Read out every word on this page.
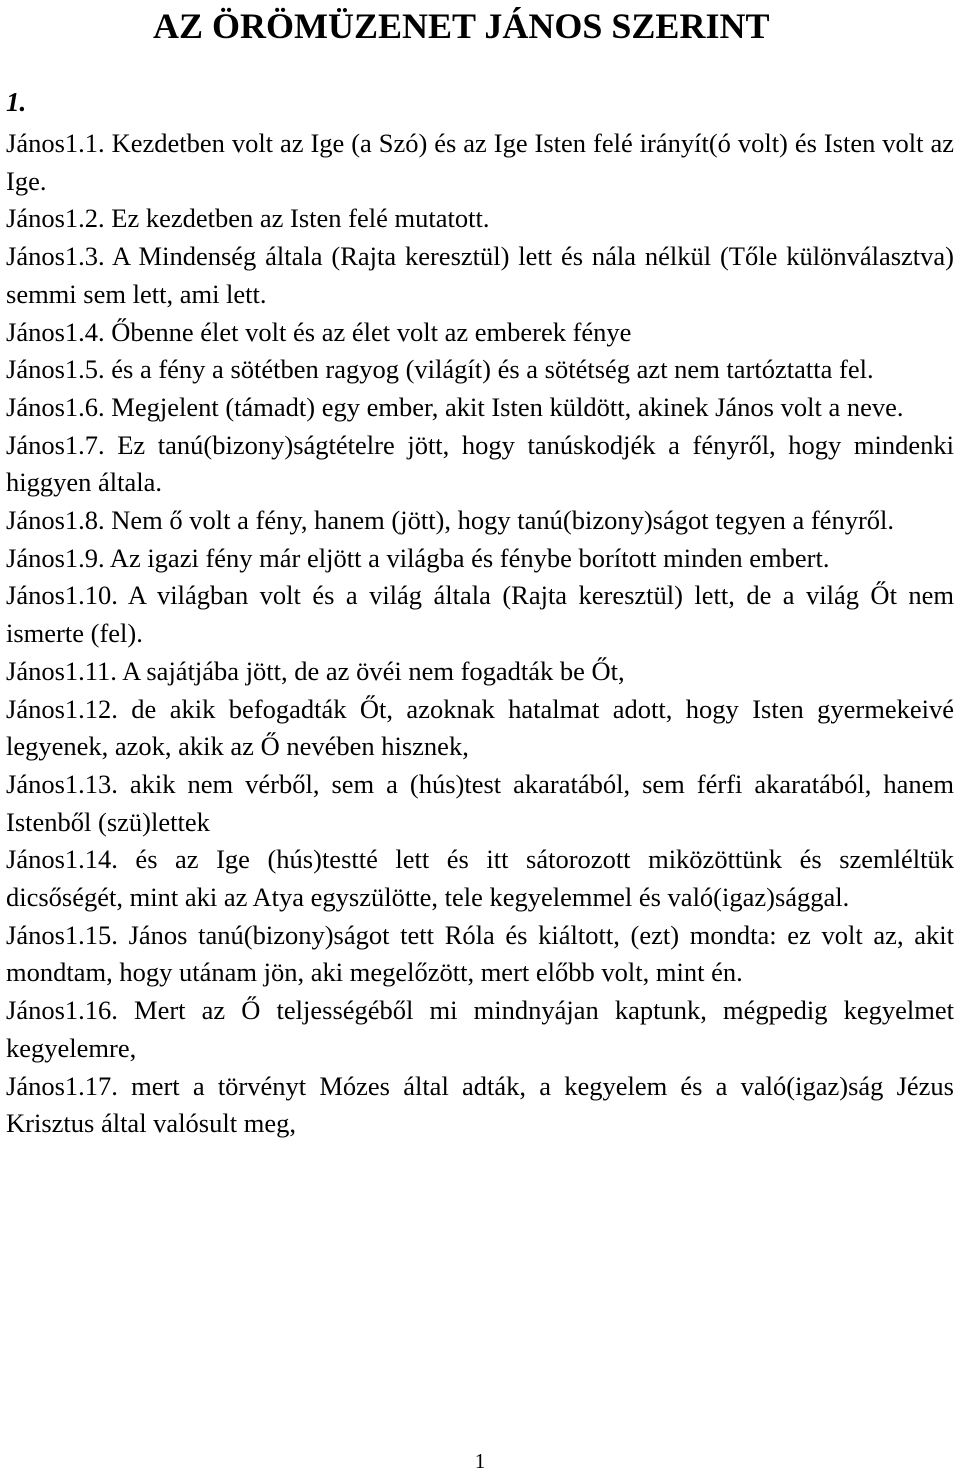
AZ ÖRÖMÜZENET JÁNOS SZERINT
1.

János1.1. Kezdetben volt az Ige (a Szó) és az Ige Isten felé irányít(ó volt) és Isten volt az Ige.

János1.2. Ez kezdetben az Isten felé mutatott.

János1.3. A Mindenség általa (Rajta keresztül) lett és nála nélkül (Tőle különválasztva) semmi sem lett, ami lett.

János1.4. Őbenne élet volt és az élet volt az emberek fénye

János1.5. és a fény a sötétben ragyog (világít) és a sötétség azt nem tartóztatta fel.

János1.6. Megjelent (támadt) egy ember, akit Isten küldött, akinek János volt a neve.

János1.7. Ez tanú(bizony)ságtételre jött, hogy tanúskodjék a fényről, hogy mindenki higgyen általa.

János1.8. Nem ő volt a fény, hanem (jött), hogy tanú(bizony)ságot tegyen a fényről.

János1.9. Az igazi fény már eljött a világba és fénybe borított minden embert.

János1.10. A világban volt és a világ általa (Rajta keresztül) lett, de a világ Őt nem ismerte (fel).

János1.11. A sajátjába jött, de az övéi nem fogadták be Őt,

János1.12. de akik befogadták Őt, azoknak hatalmat adott, hogy Isten gyermekeivé legyenek, azok, akik az Ő nevében hisznek,

János1.13. akik nem vérből, sem a (hús)test akaratából, sem férfi akaratából, hanem Istenből (szü)lettek

János1.14. és az Ige (hús)testté lett és itt sátorozott miközöttünk és szemléltük dicsőségét, mint aki az Atya egyszülötte, tele kegyelemmel és való(igaz)sággal.

János1.15. János tanú(bizony)ságot tett Róla és kiáltott, (ezt) mondta: ez volt az, akit mondtam, hogy utánam jön, aki megelőzött, mert előbb volt, mint én.

János1.16. Mert az Ő teljességéből mi mindnyájan kaptunk, mégpedig kegyelmet kegyelemre,

János1.17. mert a törvényt Mózes által adták, a kegyelem és a való(igaz)ság Jézus Krisztus által valósult meg,

1
